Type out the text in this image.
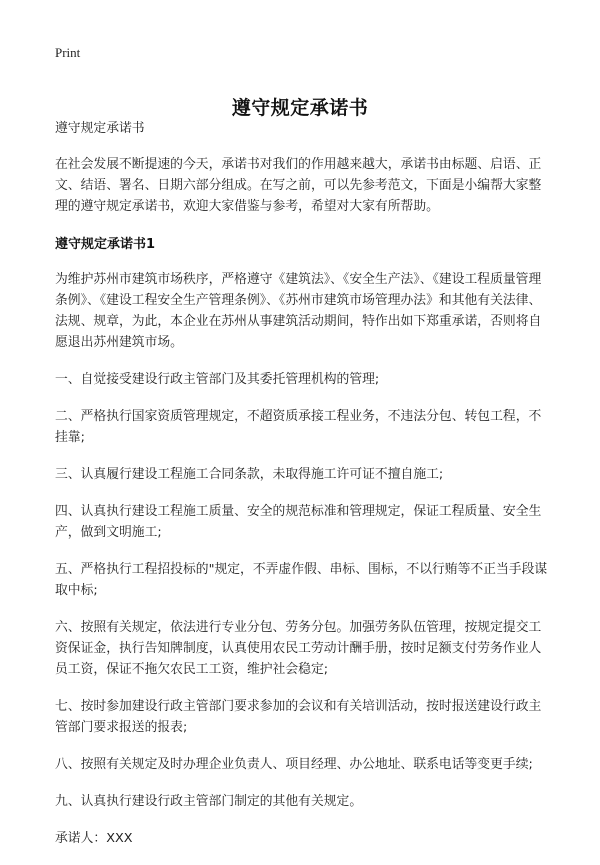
Print
遵守规定承诺书

遵守规定承诺书

在社会发展不断提速的今天，承诺书对我们的作用越来越大，承诺书由标题、启语、正文、结语、署名、日期六部分组成。在写之前，可以先参考范文，下面是小编帮大家整理的遵守规定承诺书，欢迎大家借鉴与参考，希望对大家有所帮助。

遵守规定承诺书1

为维护苏州市建筑市场秩序，严格遵守《建筑法》、《安全生产法》、《建设工程质量管理条例》、《建设工程安全生产管理条例》、《苏州市建筑市场管理办法》和其他有关法律、法规、规章，为此，本企业在苏州从事建筑活动期间，特作出如下郑重承诺，否则将自愿退出苏州建筑市场。

一、自觉接受建设行政主管部门及其委托管理机构的管理;

二、严格执行国家资质管理规定，不超资质承接工程业务，不违法分包、转包工程，不挂靠;

三、认真履行建设工程施工合同条款，未取得施工许可证不擅自施工;

四、认真执行建设工程施工质量、安全的规范标准和管理规定，保证工程质量、安全生产，做到文明施工;

五、严格执行工程招投标的"规定，不弄虚作假、串标、围标，不以行贿等不正当手段谋取中标;

六、按照有关规定，依法进行专业分包、劳务分包。加强劳务队伍管理，按规定提交工资保证金，执行告知牌制度，认真使用农民工劳动计酬手册，按时足额支付劳务作业人员工资，保证不拖欠农民工工资，维护社会稳定;

七、按时参加建设行政主管部门要求参加的会议和有关培训活动，按时报送建设行政主管部门要求报送的报表;

八、按照有关规定及时办理企业负责人、项目经理、办公地址、联系电话等变更手续;

九、认真执行建设行政主管部门制定的其他有关规定。

承诺人：XXX
